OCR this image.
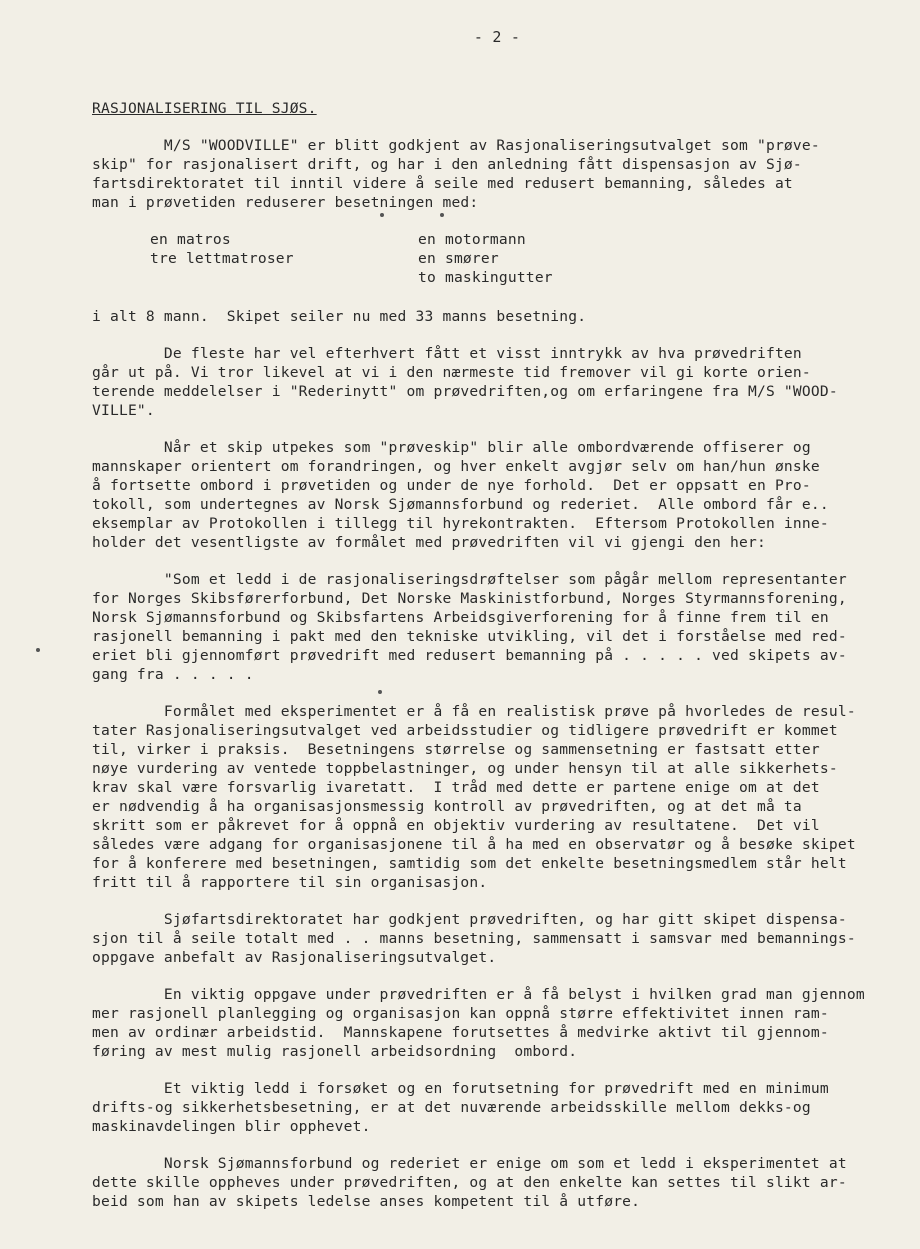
- 2 -
RASJONALISERING TIL SJØS.

M/S "WOODVILLE" er blitt godkjent av Rasjonaliseringsutvalget som "prøve-
skip" for rasjonalisert drift, og har i den anledning fått dispensasjon av Sjø-
fartsdirektoratet til inntil videre å seile med redusert bemanning, således at
man i prøvetiden reduserer besetningen med:

en matros	en motormann
tre lettmatroser	en smører
to maskingutter

i alt 8 mann.  Skipet seiler nu med 33 manns besetning.

De fleste har vel efterhvert fått et visst inntrykk av hva prøvedriften
går ut på. Vi tror likevel at vi i den nærmeste tid fremover vil gi korte orien-
terende meddelelser i "Rederinytt" om prøvedriften,og om erfaringene fra M/S "WOOD-
VILLE".

Når et skip utpekes som "prøveskip" blir alle ombordværende offiserer og
mannskaper orientert om forandringen, og hver enkelt avgjør selv om han/hun ønske
å fortsette ombord i prøvetiden og under de nye forhold.  Det er oppsatt en Pro-
tokoll, som undertegnes av Norsk Sjømannsforbund og rederiet.  Alle ombord får e..
eksemplar av Protokollen i tillegg til hyrekontrakten.  Eftersom Protokollen inne-
holder det vesentligste av formålet med prøvedriften vil vi gjengi den her:

"Som et ledd i de rasjonaliseringsdrøftelser som pågår mellom representanter
for Norges Skibsførerforbund, Det Norske Maskinistforbund, Norges Styrmannsforening,
Norsk Sjømannsforbund og Skibsfartens Arbeidsgiverforening for å finne frem til en
rasjonell bemanning i pakt med den tekniske utvikling, vil det i forståelse med red-
eriet bli gjennomført prøvedrift med redusert bemanning på . . . . . ved skipets av-
gang fra . . . . .

Formålet med eksperimentet er å få en realistisk prøve på hvorledes de resul-
tater Rasjonaliseringsutvalget ved arbeidsstudier og tidligere prøvedrift er kommet
til, virker i praksis.  Besetningens størrelse og sammensetning er fastsatt etter
nøye vurdering av ventede toppbelastninger, og under hensyn til at alle sikkerhets-
krav skal være forsvarlig ivaretatt.  I tråd med dette er partene enige om at det
er nødvendig å ha organisasjonsmessig kontroll av prøvedriften, og at det må ta
skritt som er påkrevet for å oppnå en objektiv vurdering av resultatene.  Det vil
således være adgang for organisasjonene til å ha med en observatør og å besøke skipet
for å konferere med besetningen, samtidig som det enkelte besetningsmedlem står helt
fritt til å rapportere til sin organisasjon.

Sjøfartsdirektoratet har godkjent prøvedriften, og har gitt skipet dispensa-
sjon til å seile totalt med . . manns besetning, sammensatt i samsvar med bemannings-
oppgave anbefalt av Rasjonaliseringsutvalget.

En viktig oppgave under prøvedriften er å få belyst i hvilken grad man gjennom
mer rasjonell planlegging og organisasjon kan oppnå større effektivitet innen ram-
men av ordinær arbeidstid.  Mannskapene forutsettes å medvirke aktivt til gjennom-
føring av mest mulig rasjonell arbeidsordning  ombord.

Et viktig ledd i forsøket og en forutsetning for prøvedrift med en minimum
drifts-og sikkerhetsbesetning, er at det nuværende arbeidsskille mellom dekks-og
maskinavdelingen blir opphevet.

Norsk Sjømannsforbund og rederiet er enige om som et ledd i eksperimentet at
dette skille oppheves under prøvedriften, og at den enkelte kan settes til slikt ar-
beid som han av skipets ledelse anses kompetent til å utføre.
